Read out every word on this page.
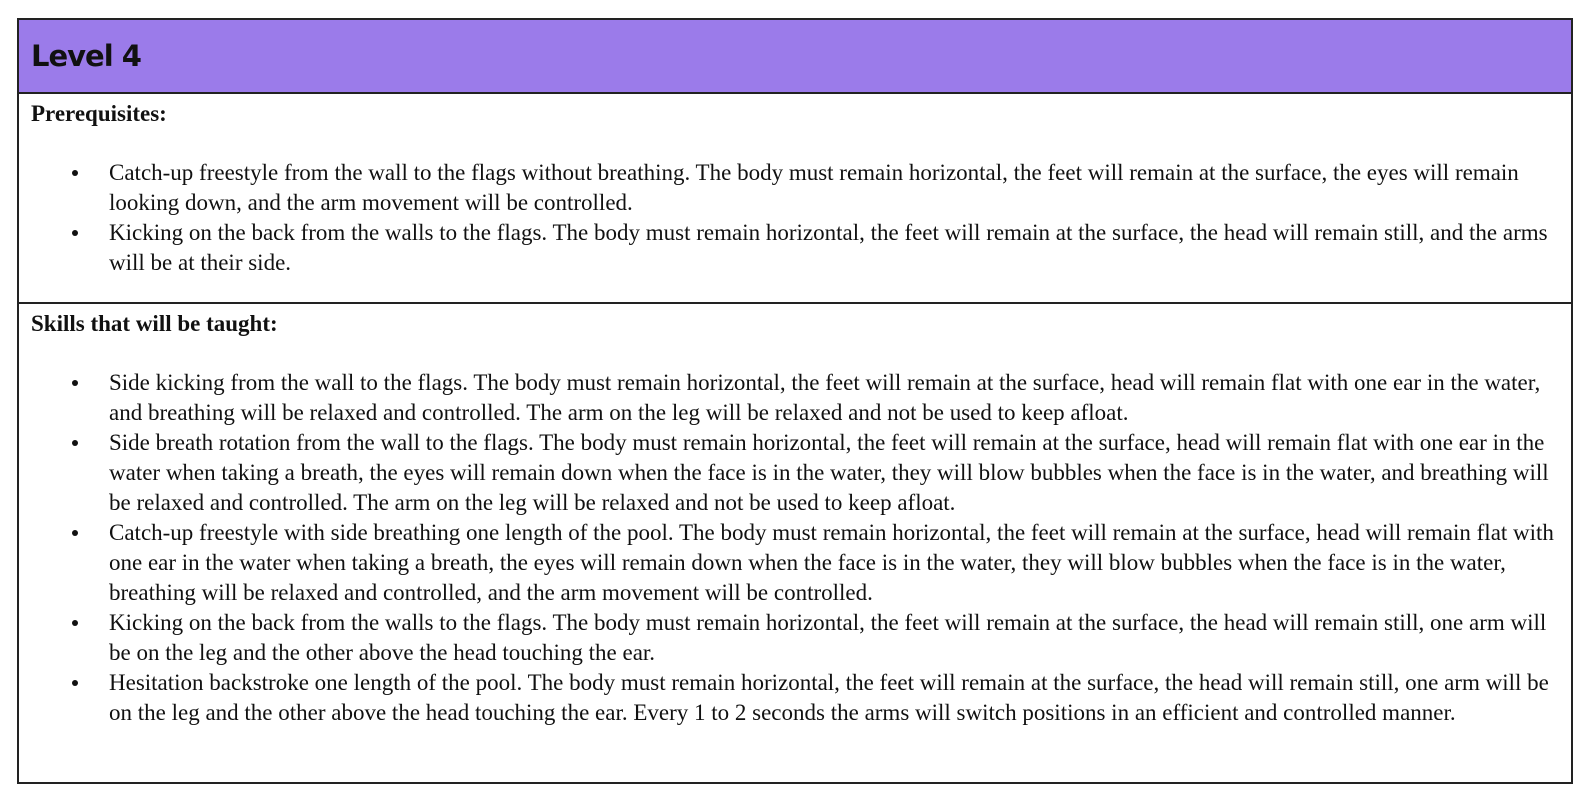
Level 4

Prerequisites:

Catch-up freestyle from the wall to the flags without breathing. The body must remain horizontal, the feet will remain at the surface, the eyes will remain looking down, and the arm movement will be controlled.
Kicking on the back from the walls to the flags. The body must remain horizontal, the feet will remain at the surface, the head will remain still, and the arms will be at their side.

Skills that will be taught:

Side kicking from the wall to the flags. The body must remain horizontal, the feet will remain at the surface, head will remain flat with one ear in the water, and breathing will be relaxed and controlled. The arm on the leg will be relaxed and not be used to keep afloat.
Side breath rotation from the wall to the flags. The body must remain horizontal, the feet will remain at the surface, head will remain flat with one ear in the water when taking a breath, the eyes will remain down when the face is in the water, they will blow bubbles when the face is in the water, and breathing will be relaxed and controlled. The arm on the leg will be relaxed and not be used to keep afloat.
Catch-up freestyle with side breathing one length of the pool. The body must remain horizontal, the feet will remain at the surface, head will remain flat with one ear in the water when taking a breath, the eyes will remain down when the face is in the water, they will blow bubbles when the face is in the water, breathing will be relaxed and controlled, and the arm movement will be controlled.
Kicking on the back from the walls to the flags. The body must remain horizontal, the feet will remain at the surface, the head will remain still, one arm will be on the leg and the other above the head touching the ear.
Hesitation backstroke one length of the pool. The body must remain horizontal, the feet will remain at the surface, the head will remain still, one arm will be on the leg and the other above the head touching the ear. Every 1 to 2 seconds the arms will switch positions in an efficient and controlled manner.
